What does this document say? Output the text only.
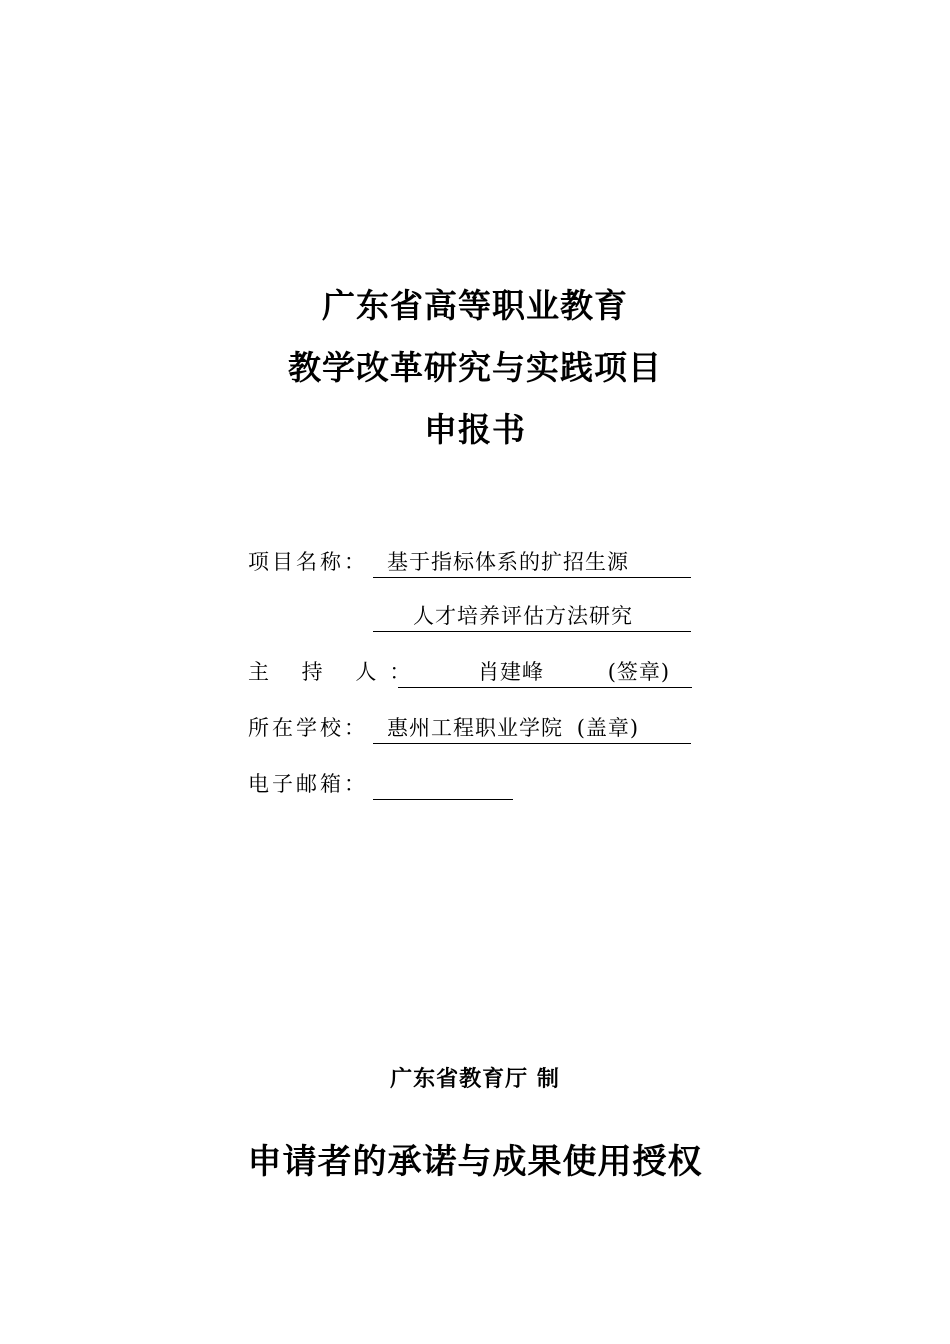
广东省高等职业教育
教学改革研究与实践项目
申报书
项目名称： 基于指标体系的扩招生源
人才培养评估方法研究
主 持 人：	肖建峰	(签章)
所在学校： 惠州工程职业学院 (盖章)
电子邮箱：
广东省教育厅 制
申请者的承诺与成果使用授权
